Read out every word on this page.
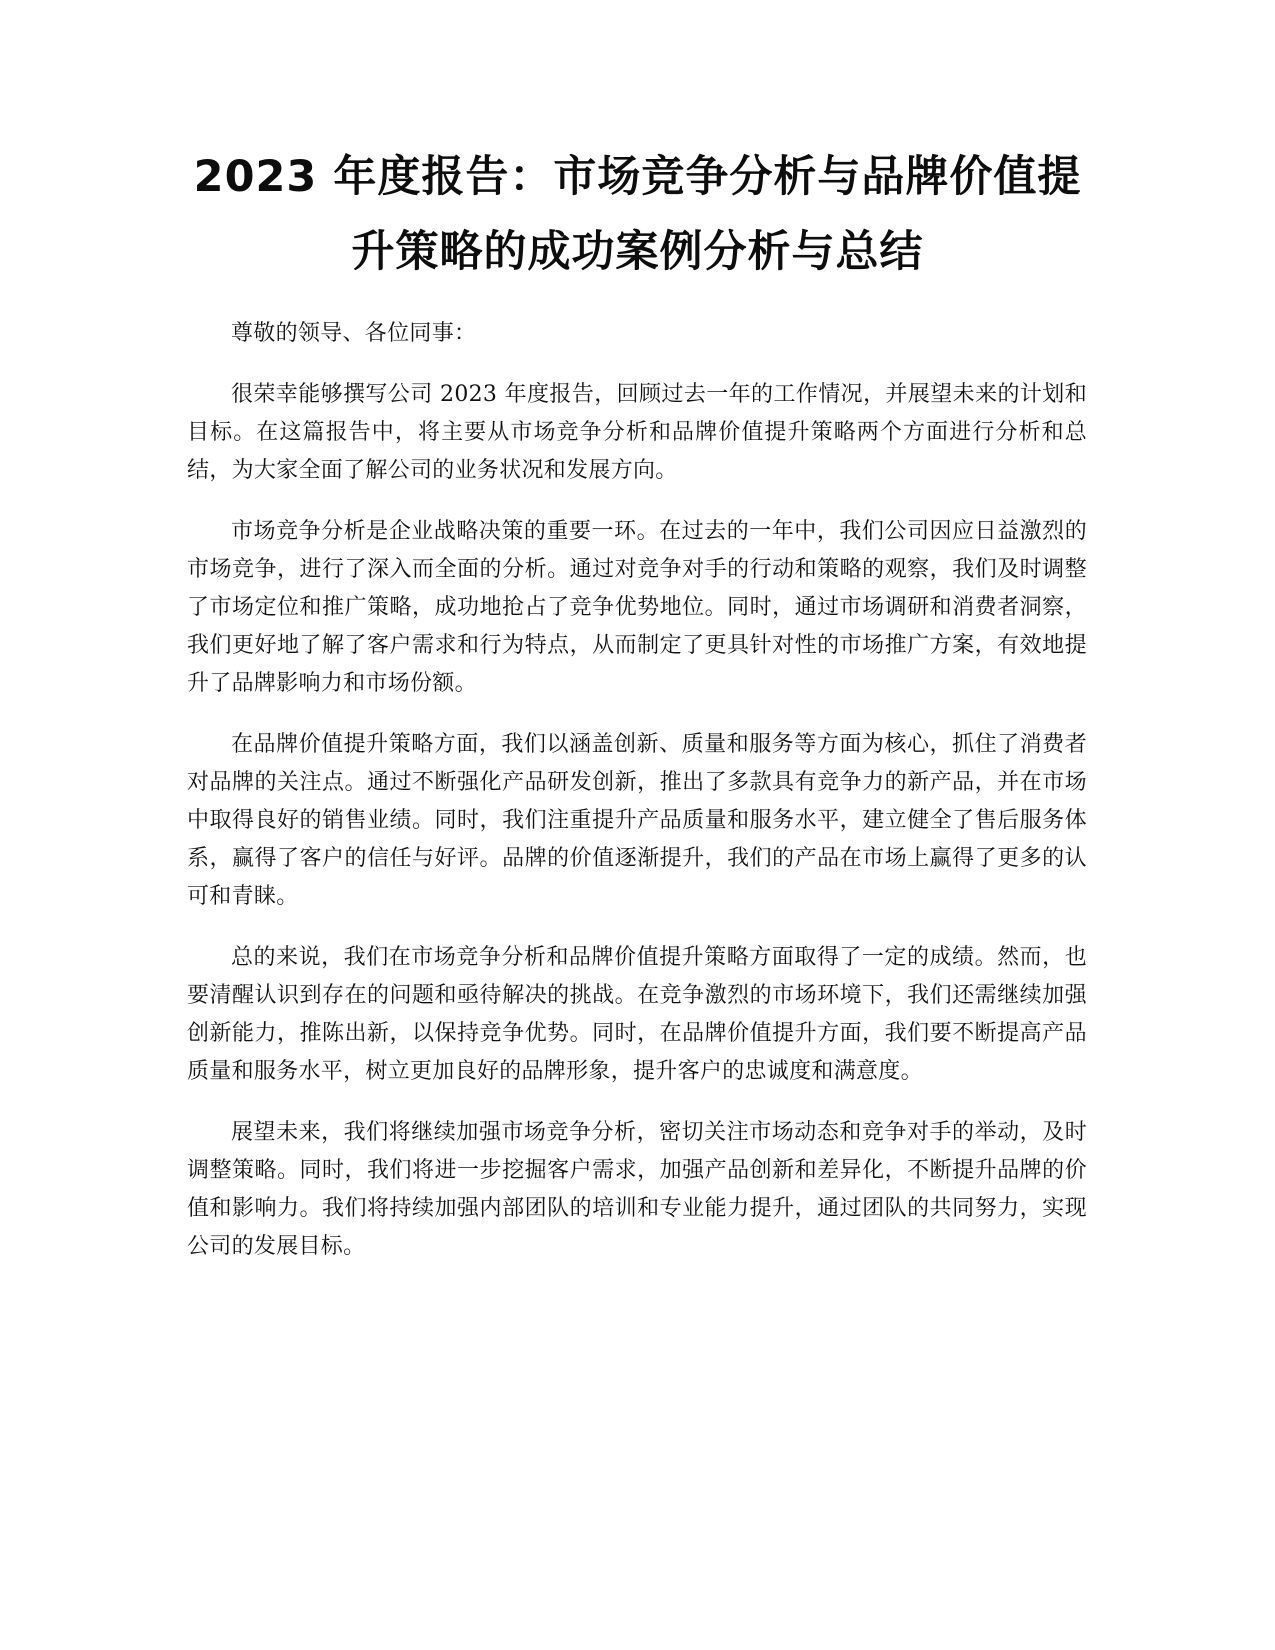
2023 年度报告：市场竞争分析与品牌价值提
升策略的成功案例分析与总结

尊敬的领导、各位同事：

很荣幸能够撰写公司 2023 年度报告，回顾过去一年的工作情况，并展望未来的计划和目标。在这篇报告中，将主要从市场竞争分析和品牌价值提升策略两个方面进行分析和总结，为大家全面了解公司的业务状况和发展方向。

市场竞争分析是企业战略决策的重要一环。在过去的一年中，我们公司因应日益激烈的市场竞争，进行了深入而全面的分析。通过对竞争对手的行动和策略的观察，我们及时调整了市场定位和推广策略，成功地抢占了竞争优势地位。同时，通过市场调研和消费者洞察，我们更好地了解了客户需求和行为特点，从而制定了更具针对性的市场推广方案，有效地提升了品牌影响力和市场份额。

在品牌价值提升策略方面，我们以涵盖创新、质量和服务等方面为核心，抓住了消费者对品牌的关注点。通过不断强化产品研发创新，推出了多款具有竞争力的新产品，并在市场中取得良好的销售业绩。同时，我们注重提升产品质量和服务水平，建立健全了售后服务体系，赢得了客户的信任与好评。品牌的价值逐渐提升，我们的产品在市场上赢得了更多的认可和青睐。

总的来说，我们在市场竞争分析和品牌价值提升策略方面取得了一定的成绩。然而，也要清醒认识到存在的问题和亟待解决的挑战。在竞争激烈的市场环境下，我们还需继续加强创新能力，推陈出新，以保持竞争优势。同时，在品牌价值提升方面，我们要不断提高产品质量和服务水平，树立更加良好的品牌形象，提升客户的忠诚度和满意度。

展望未来，我们将继续加强市场竞争分析，密切关注市场动态和竞争对手的举动，及时调整策略。同时，我们将进一步挖掘客户需求，加强产品创新和差异化，不断提升品牌的价值和影响力。我们将持续加强内部团队的培训和专业能力提升，通过团队的共同努力，实现公司的发展目标。
